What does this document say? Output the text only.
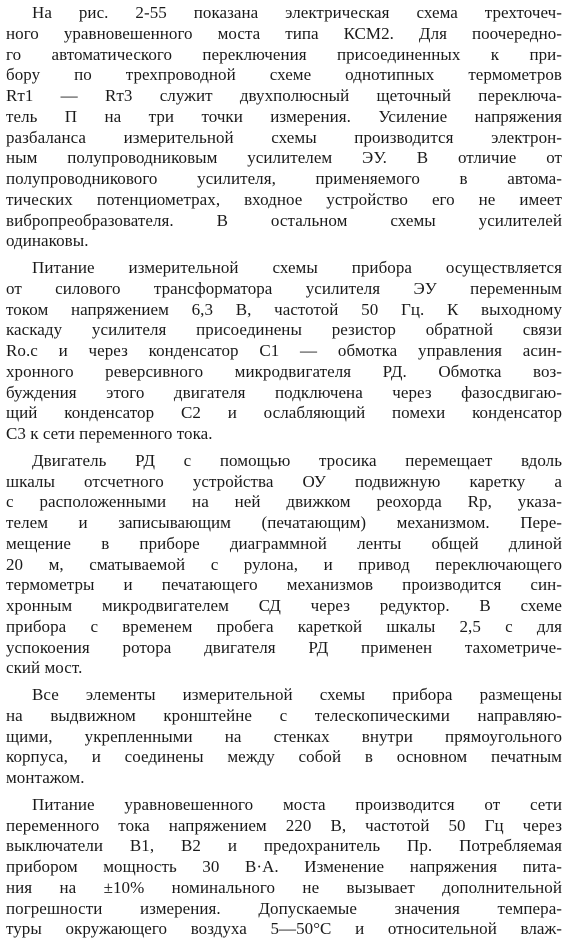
На рис. 2-55 показана электрическая схема трехточеч-
ного уравновешенного моста типа КСМ2. Для поочередно-
го автоматического переключения присоединенных к при-
бору по трехпроводной схеме однотипных термометров
Rт1 — Rт3 служит двухполюсный щеточный переключа-
тель П на три точки измерения. Усиление напряжения
разбаланса измерительной схемы производится электрон-
ным полупроводниковым усилителем ЭУ. В отличие от
полупроводникового усилителя, применяемого в автома-
тических потенциометрах, входное устройство его не имеет
вибропреобразователя. В остальном схемы усилителей
одинаковы.
Питание измерительной схемы прибора осуществляется
от силового трансформатора усилителя ЭУ переменным
током напряжением 6,3 В, частотой 50 Гц. К выходному
каскаду усилителя присоединены резистор обратной связи
Rо.с и через конденсатор С1 — обмотка управления асин-
хронного реверсивного микродвигателя РД. Обмотка воз-
буждения этого двигателя подключена через фазосдвигаю-
щий конденсатор С2 и ослабляющий помехи конденсатор
С3 к сети переменного тока.
Двигатель РД с помощью тросика перемещает вдоль
шкалы отсчетного устройства ОУ подвижную каретку а
с расположенными на ней движком реохорда Rр, указа-
телем и записывающим (печатающим) механизмом. Пере-
мещение в приборе диаграммной ленты общей длиной
20 м, сматываемой с рулона, и привод переключающего
термометры и печатающего механизмов производится син-
хронным микродвигателем СД через редуктор. В схеме
прибора с временем пробега кареткой шкалы 2,5 с для
успокоения ротора двигателя РД применен тахометриче-
ский мост.
Все элементы измерительной схемы прибора размещены
на выдвижном кронштейне с телескопическими направляю-
щими, укрепленными на стенках внутри прямоугольного
корпуса, и соединены между собой в основном печатным
монтажом.
Питание уравновешенного моста производится от сети
переменного тока напряжением 220 В, частотой 50 Гц через
выключатели В1, В2 и предохранитель Пр. Потребляемая
прибором мощность 30 В·А. Изменение напряжения пита-
ния на ±10% номинального не вызывает дополнительной
погрешности измерения. Допускаемые значения темпера-
туры окружающего воздуха 5—50°С и относительной влаж-
